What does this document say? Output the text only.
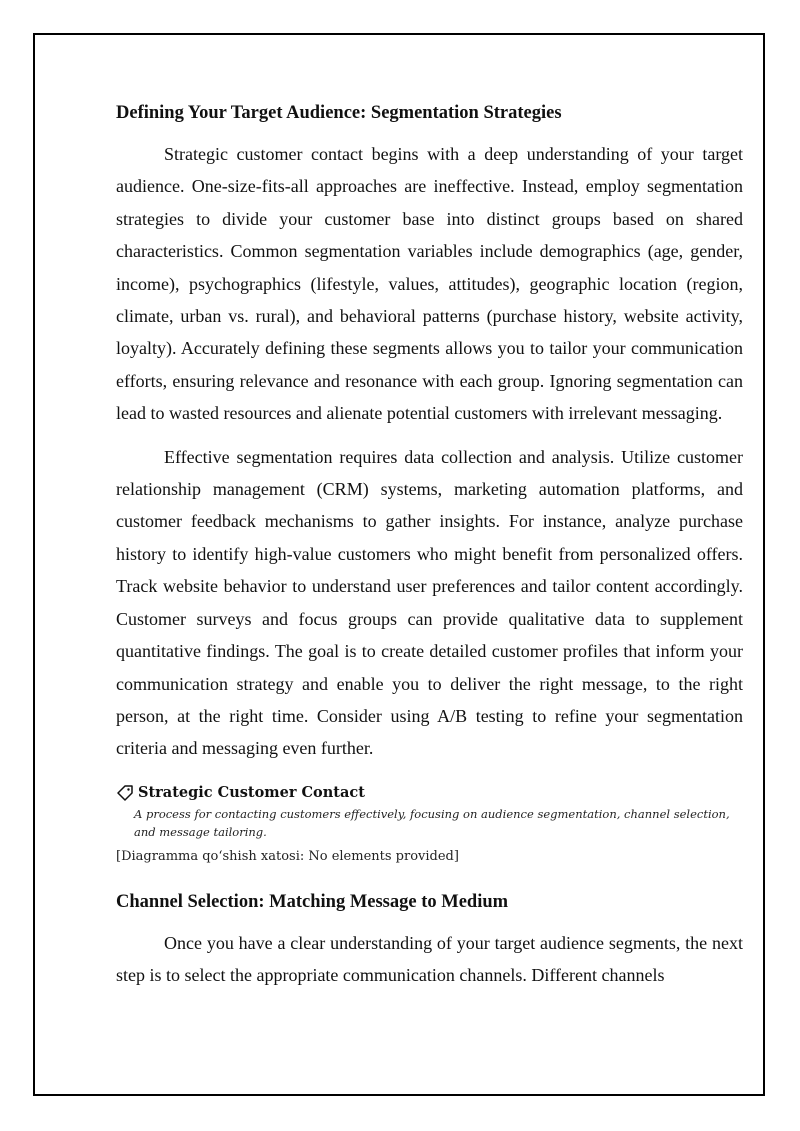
Defining Your Target Audience: Segmentation Strategies

Strategic customer contact begins with a deep understanding of your target audience. One-size-fits-all approaches are ineffective. Instead, employ segmentation strategies to divide your customer base into distinct groups based on shared characteristics. Common segmentation variables include demographics (age, gender, income), psychographics (lifestyle, values, attitudes), geographic location (region, climate, urban vs. rural), and behavioral patterns (purchase history, website activity, loyalty). Accurately defining these segments allows you to tailor your communication efforts, ensuring relevance and resonance with each group. Ignoring segmentation can lead to wasted resources and alienate potential customers with irrelevant messaging.

Effective segmentation requires data collection and analysis. Utilize customer relationship management (CRM) systems, marketing automation platforms, and customer feedback mechanisms to gather insights. For instance, analyze purchase history to identify high-value customers who might benefit from personalized offers. Track website behavior to understand user preferences and tailor content accordingly. Customer surveys and focus groups can provide qualitative data to supplement quantitative findings. The goal is to create detailed customer profiles that inform your communication strategy and enable you to deliver the right message, to the right person, at the right time. Consider using A/B testing to refine your segmentation criteria and messaging even further.

Strategic Customer Contact
A process for contacting customers effectively, focusing on audience segmentation, channel selection, and message tailoring.
[Diagramma qo‘shish xatosi: No elements provided]
Channel Selection: Matching Message to Medium

Once you have a clear understanding of your target audience segments, the next step is to select the appropriate communication channels. Different channels
